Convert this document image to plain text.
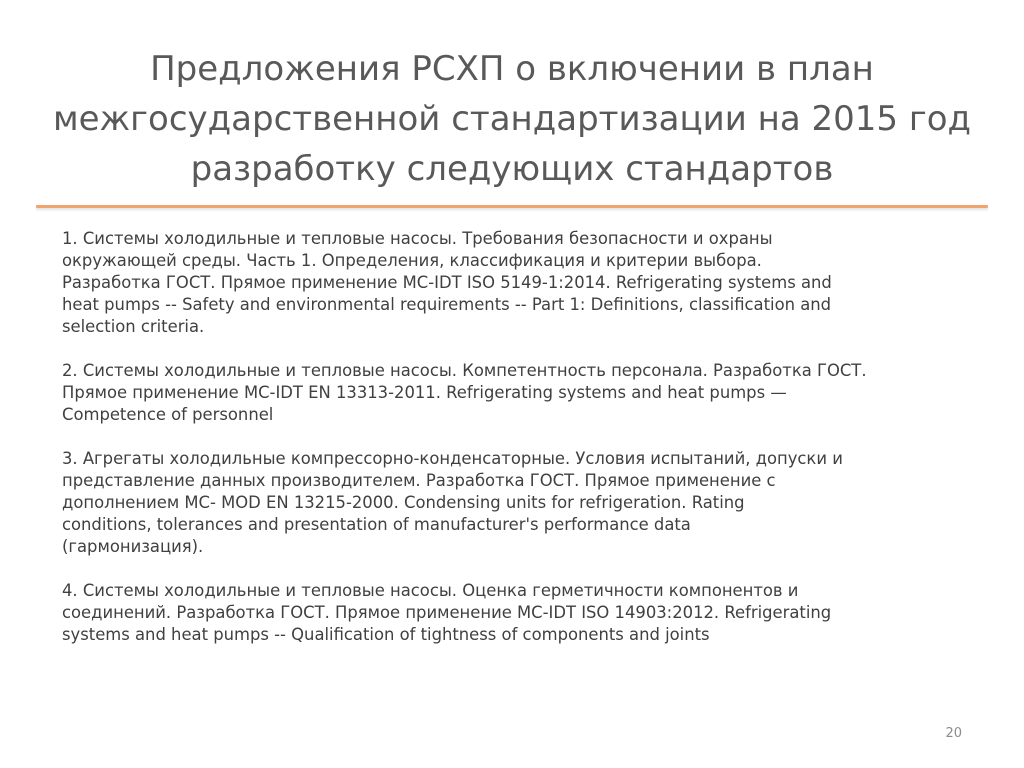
Предложения РСХП о включении в план
межгосударственной стандартизации на 2015 год
разработку следующих стандартов
1. Системы холодильные и тепловые насосы. Требования безопасности и охраны
окружающей среды. Часть 1. Определения, классификация и критерии выбора.
Разработка ГОСТ. Прямое применение МС-IDT ISO 5149-1:2014. Refrigerating systems and
heat pumps -- Safety and environmental requirements -- Part 1: Definitions, classification and
selection criteria.
2. Системы холодильные и тепловые насосы. Компетентность персонала. Разработка ГОСТ.
Прямое применение МС-IDT EN 13313-2011. Refrigerating systems and heat pumps —
Competence of personnel
3. Агрегаты холодильные компрессорно-конденсаторные. Условия испытаний, допуски и
представление данных производителем. Разработка ГОСТ. Прямое применение с
дополнением МС- MOD EN 13215-2000. Condensing units for refrigeration. Rating
conditions, tolerances and presentation of manufacturer's performance data
(гармонизация).
4. Системы холодильные и тепловые насосы. Оценка герметичности компонентов и
соединений. Разработка ГОСТ. Прямое применение МС-IDT ISO 14903:2012. Refrigerating
systems and heat pumps -- Qualification of tightness of components and joints
20
